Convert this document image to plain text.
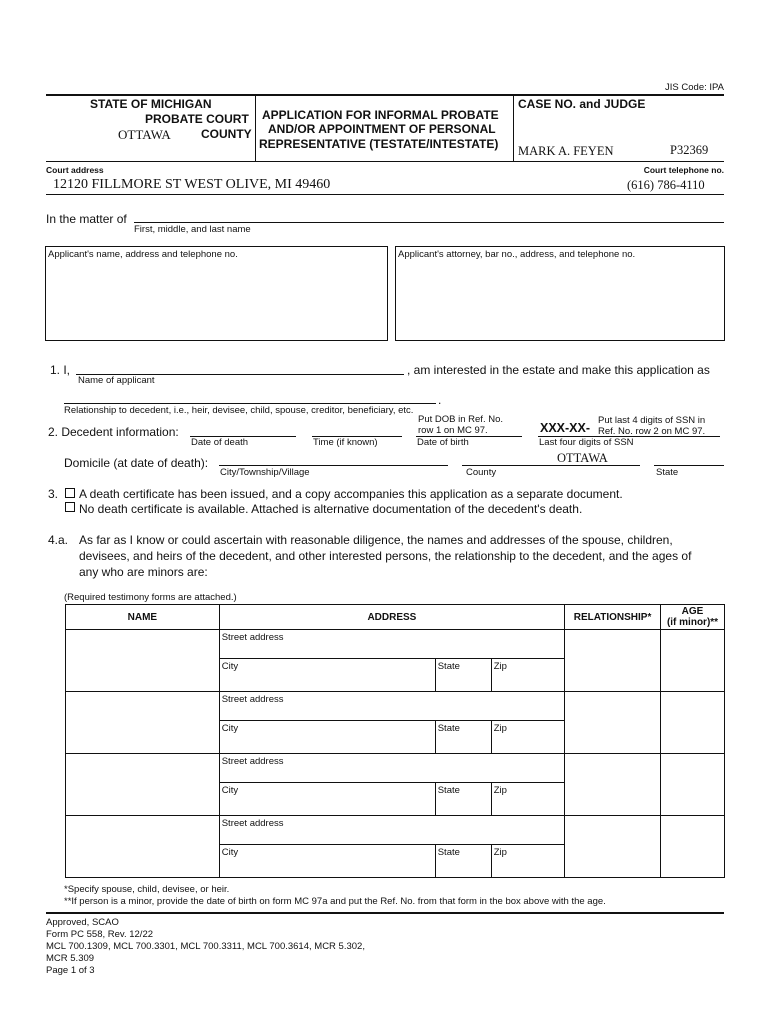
JIS Code: IPA
STATE OF MICHIGAN
PROBATE COURT
OTTAWA	COUNTY
APPLICATION FOR INFORMAL PROBATE
AND/OR APPOINTMENT OF PERSONAL
REPRESENTATIVE (TESTATE/INTESTATE)
CASE NO. and JUDGE
MARK A. FEYEN	P32369
Court address	Court telephone no.
12120 FILLMORE ST WEST OLIVE, MI 49460	(616) 786-4110
In the matter of
First, middle, and last name
Applicant's name, address and telephone no.	Applicant's attorney, bar no., address, and telephone no.
1. I,	, am interested in the estate and make this application as
Name of applicant
.
Relationship to decedent, i.e., heir, devisee, child, spouse, creditor, beneficiary, etc.
2. Decedent information:
Date of death	Time (if known)
Put DOB in Ref. No.
row 1 on MC 97.
Date of birth
XXX-XX-
Put last 4 digits of SSN in
Ref. No. row 2 on MC 97.
Last four digits of SSN
Domicile (at date of death):
City/Township/Village
OTTAWA
County	State
3. A death certificate has been issued, and a copy accompanies this application as a separate document.
No death certificate is available. Attached is alternative documentation of the decedent's death.
4.a. As far as I know or could ascertain with reasonable diligence, the names and addresses of the spouse, children,
devisees, and heirs of the decedent, and other interested persons, the relationship to the decedent, and the ages of
any who are minors are:
(Required testimony forms are attached.)
NAME	ADDRESS	RELATIONSHIP*	AGE
(if minor)**

	Street address
City State Zip		

	Street address
City State Zip		

	Street address
City State Zip		

	Street address
City State Zip		

*Specify spouse, child, devisee, or heir.
**If person is a minor, provide the date of birth on form MC 97a and put the Ref. No. from that form in the box above with the age.
Approved, SCAO
Form PC 558, Rev. 12/22
MCL 700.1309, MCL 700.3301, MCL 700.3311, MCL 700.3614, MCR 5.302,
MCR 5.309
Page 1 of 3
